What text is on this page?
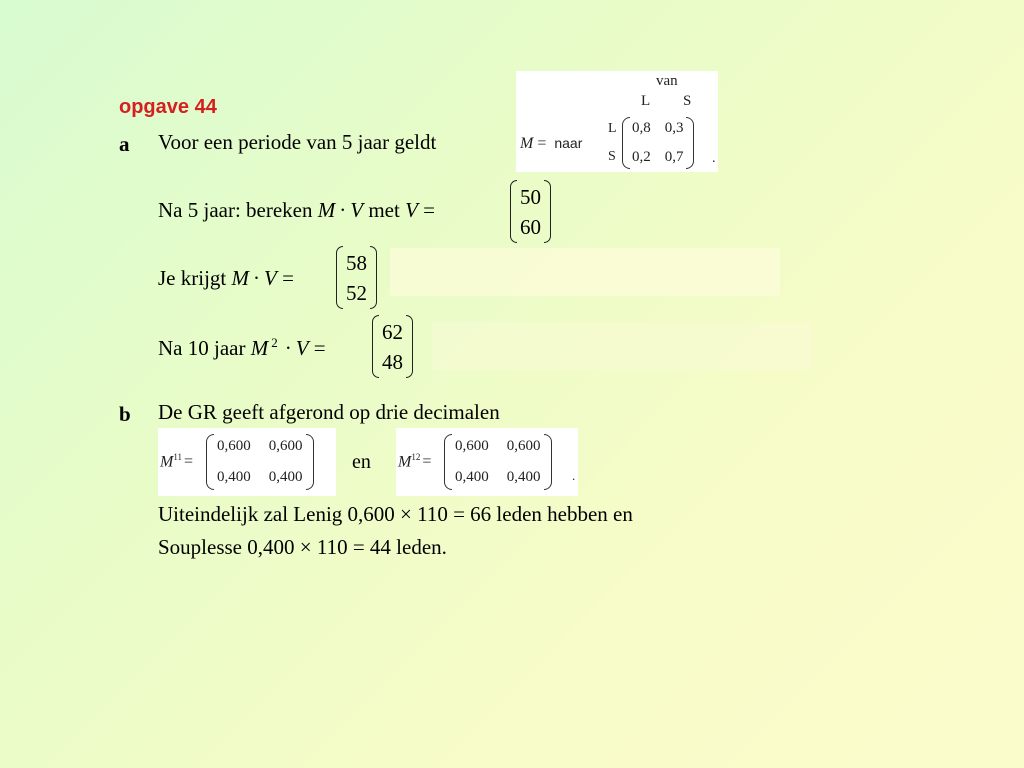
opgave 44
a Voor een periode van 5 jaar geldt
van
L S
M = naar
L
S
0,8 0,3
0,2 0,7 .
Na 5 jaar: bereken M · V met V =
50
60
Je krijgt M · V =
58
52
Na 10 jaar M $^2$ · V =
62
48
b De GR geeft afgerond op drie decimalen
$M^{11}$ =
0,600 0,600
0,400 0,400
en $M^{12}$ =
0,600 0,600
0,400 0,400 .
Uiteindelijk zal Lenig 0,600 × 110 = 66 leden hebben en
Souplesse 0,400 × 110 = 44 leden.
